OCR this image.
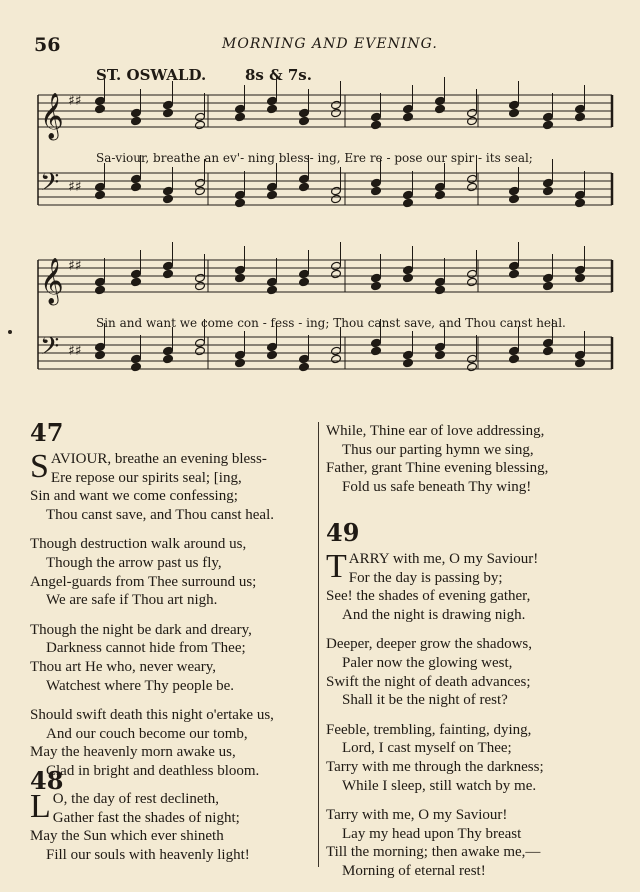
56	MORNING AND EVENING.
ST. OSWALD.	8s & 7s.
𝄞 ♯♯
𝄢 ♯♯
𝄞 ♯♯
𝄢 ♯♯
Sa-viour, breathe an ev'- ning bless- ing, Ere re - pose our spir - its seal;
Sin and want we come con - fess - ing; Thou canst save, and Thou canst heal.
47
S AVIOUR, breathe an evening bless-
Ere repose our spirits seal; [ing,
Sin and want we come confessing;
Thou canst save, and Thou canst heal.
Though destruction walk around us,
Though the arrow past us fly,
Angel-guards from Thee surround us;
We are safe if Thou art nigh.
Though the night be dark and dreary,
Darkness cannot hide from Thee;
Thou art He who, never weary,
Watchest where Thy people be.
Should swift death this night o'ertake us,
And our couch become our tomb,
May the heavenly morn awake us,
Clad in bright and deathless bloom.
48
L O, the day of rest declineth,
Gather fast the shades of night;
May the Sun which ever shineth
Fill our souls with heavenly light!
While, Thine ear of love addressing,
Thus our parting hymn we sing,
Father, grant Thine evening blessing,
Fold us safe beneath Thy wing!
49
T ARRY with me, O my Saviour!
For the day is passing by;
See! the shades of evening gather,
And the night is drawing nigh.
Deeper, deeper grow the shadows,
Paler now the glowing west,
Swift the night of death advances;
Shall it be the night of rest?
Feeble, trembling, fainting, dying,
Lord, I cast myself on Thee;
Tarry with me through the darkness;
While I sleep, still watch by me.
Tarry with me, O my Saviour!
Lay my head upon Thy breast
Till the morning; then awake me,—
Morning of eternal rest!
